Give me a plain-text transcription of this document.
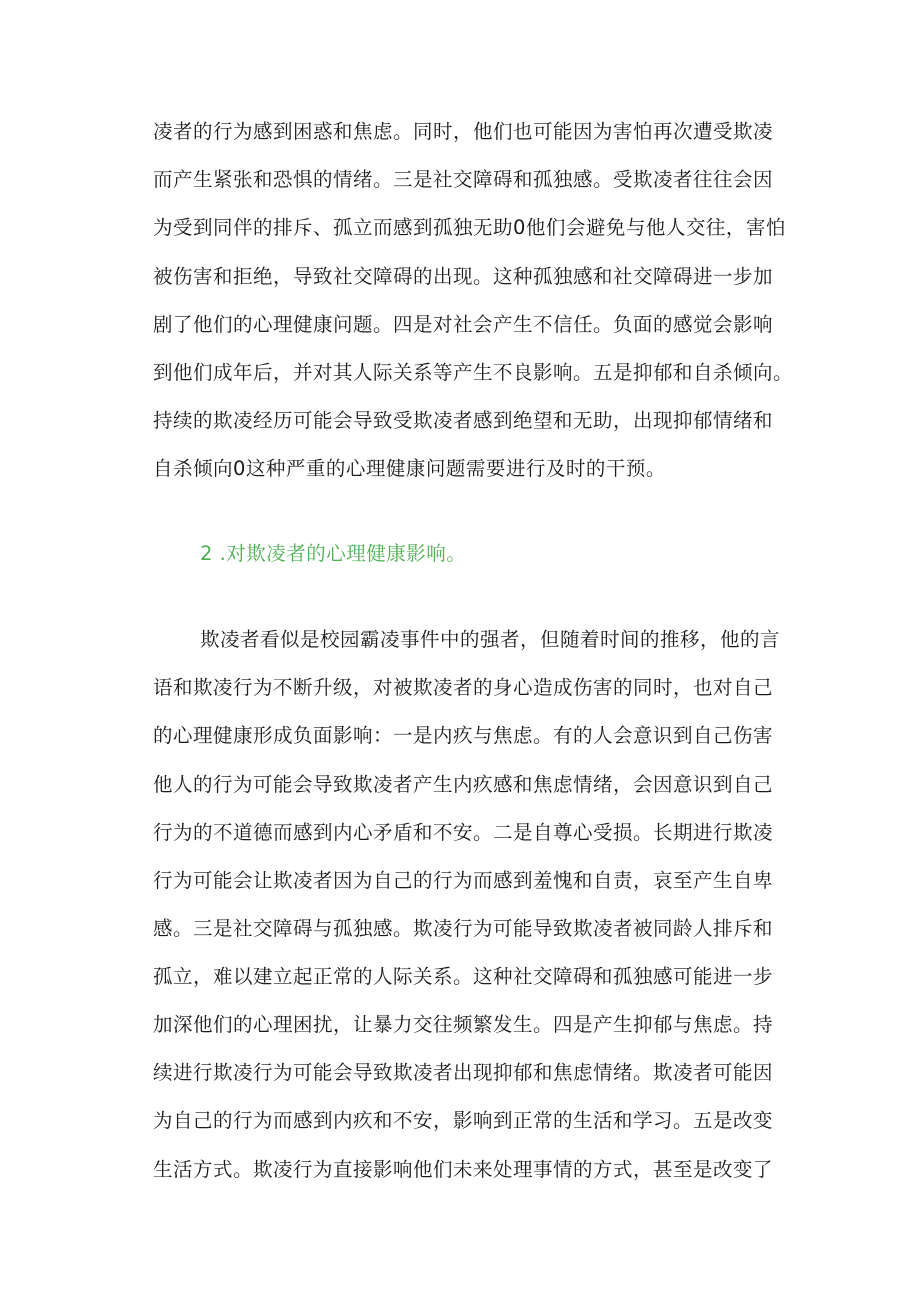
凌者的行为感到困惑和焦虑。同时，他们也可能因为害怕再次遭受欺凌
而产生紧张和恐惧的情绪。三是社交障碍和孤独感。受欺凌者往往会因
为受到同伴的排斥、孤立而感到孤独无助0他们会避免与他人交往，害怕
被伤害和拒绝，导致社交障碍的出现。这种孤独感和社交障碍进一步加
剧了他们的心理健康问题。四是对社会产生不信任。负面的感觉会影响
到他们成年后，并对其人际关系等产生不良影响。五是抑郁和自杀倾向。
持续的欺凌经历可能会导致受欺凌者感到绝望和无助，出现抑郁情绪和
自杀倾向0这种严重的心理健康问题需要进行及时的干预。
2 .对欺凌者的心理健康影响。
欺凌者看似是校园霸凌事件中的强者，但随着时间的推移，他的言
语和欺凌行为不断升级，对被欺凌者的身心造成伤害的同时，也对自己
的心理健康形成负面影响：一是内疚与焦虑。有的人会意识到自己伤害
他人的行为可能会导致欺凌者产生内疚感和焦虑情绪，会因意识到自己
行为的不道德而感到内心矛盾和不安。二是自尊心受损。长期进行欺凌
行为可能会让欺凌者因为自己的行为而感到羞愧和自责，哀至产生自卑
感。三是社交障碍与孤独感。欺凌行为可能导致欺凌者被同龄人排斥和
孤立，难以建立起正常的人际关系。这种社交障碍和孤独感可能进一步
加深他们的心理困扰，让暴力交往频繁发生。四是产生抑郁与焦虑。持
续进行欺凌行为可能会导致欺凌者出现抑郁和焦虑情绪。欺凌者可能因
为自己的行为而感到内疚和不安，影响到正常的生活和学习。五是改变
生活方式。欺凌行为直接影响他们未来处理事情的方式，甚至是改变了
